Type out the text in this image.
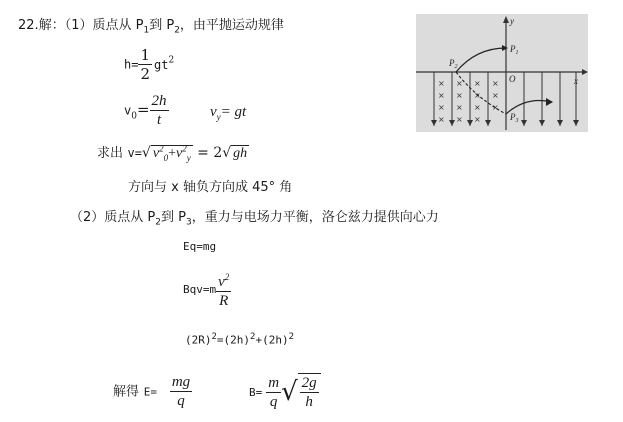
22.解：（1）质点从 $P_1$到 $P_2$，由平抛运动规律
$h= \frac{1}{2} gt^2$
$v_0= \frac{2h}{t}$	$v_y=$ gt
求出 v=√ $v^2_0+v^2_y = 2√$ gh
方向与 x 轴负方向成 45° 角
（2）质点从 $P_2$到 $P_3$，重力与电场力平衡，洛仑兹力提供向心力
Eq=mg
$Bqv=m \frac{v^2}{R}$
$(2R)^2=(2h)^2+(2h)^2$
解得 $E= \frac{mg}{q}$	$B= \frac{m}{q}$ √ $\frac{2g}{h}$
× × × ×
× × × ×
× × × ×
× × ×
y
x
O
$P_1$
$P_2$
$P_3$
